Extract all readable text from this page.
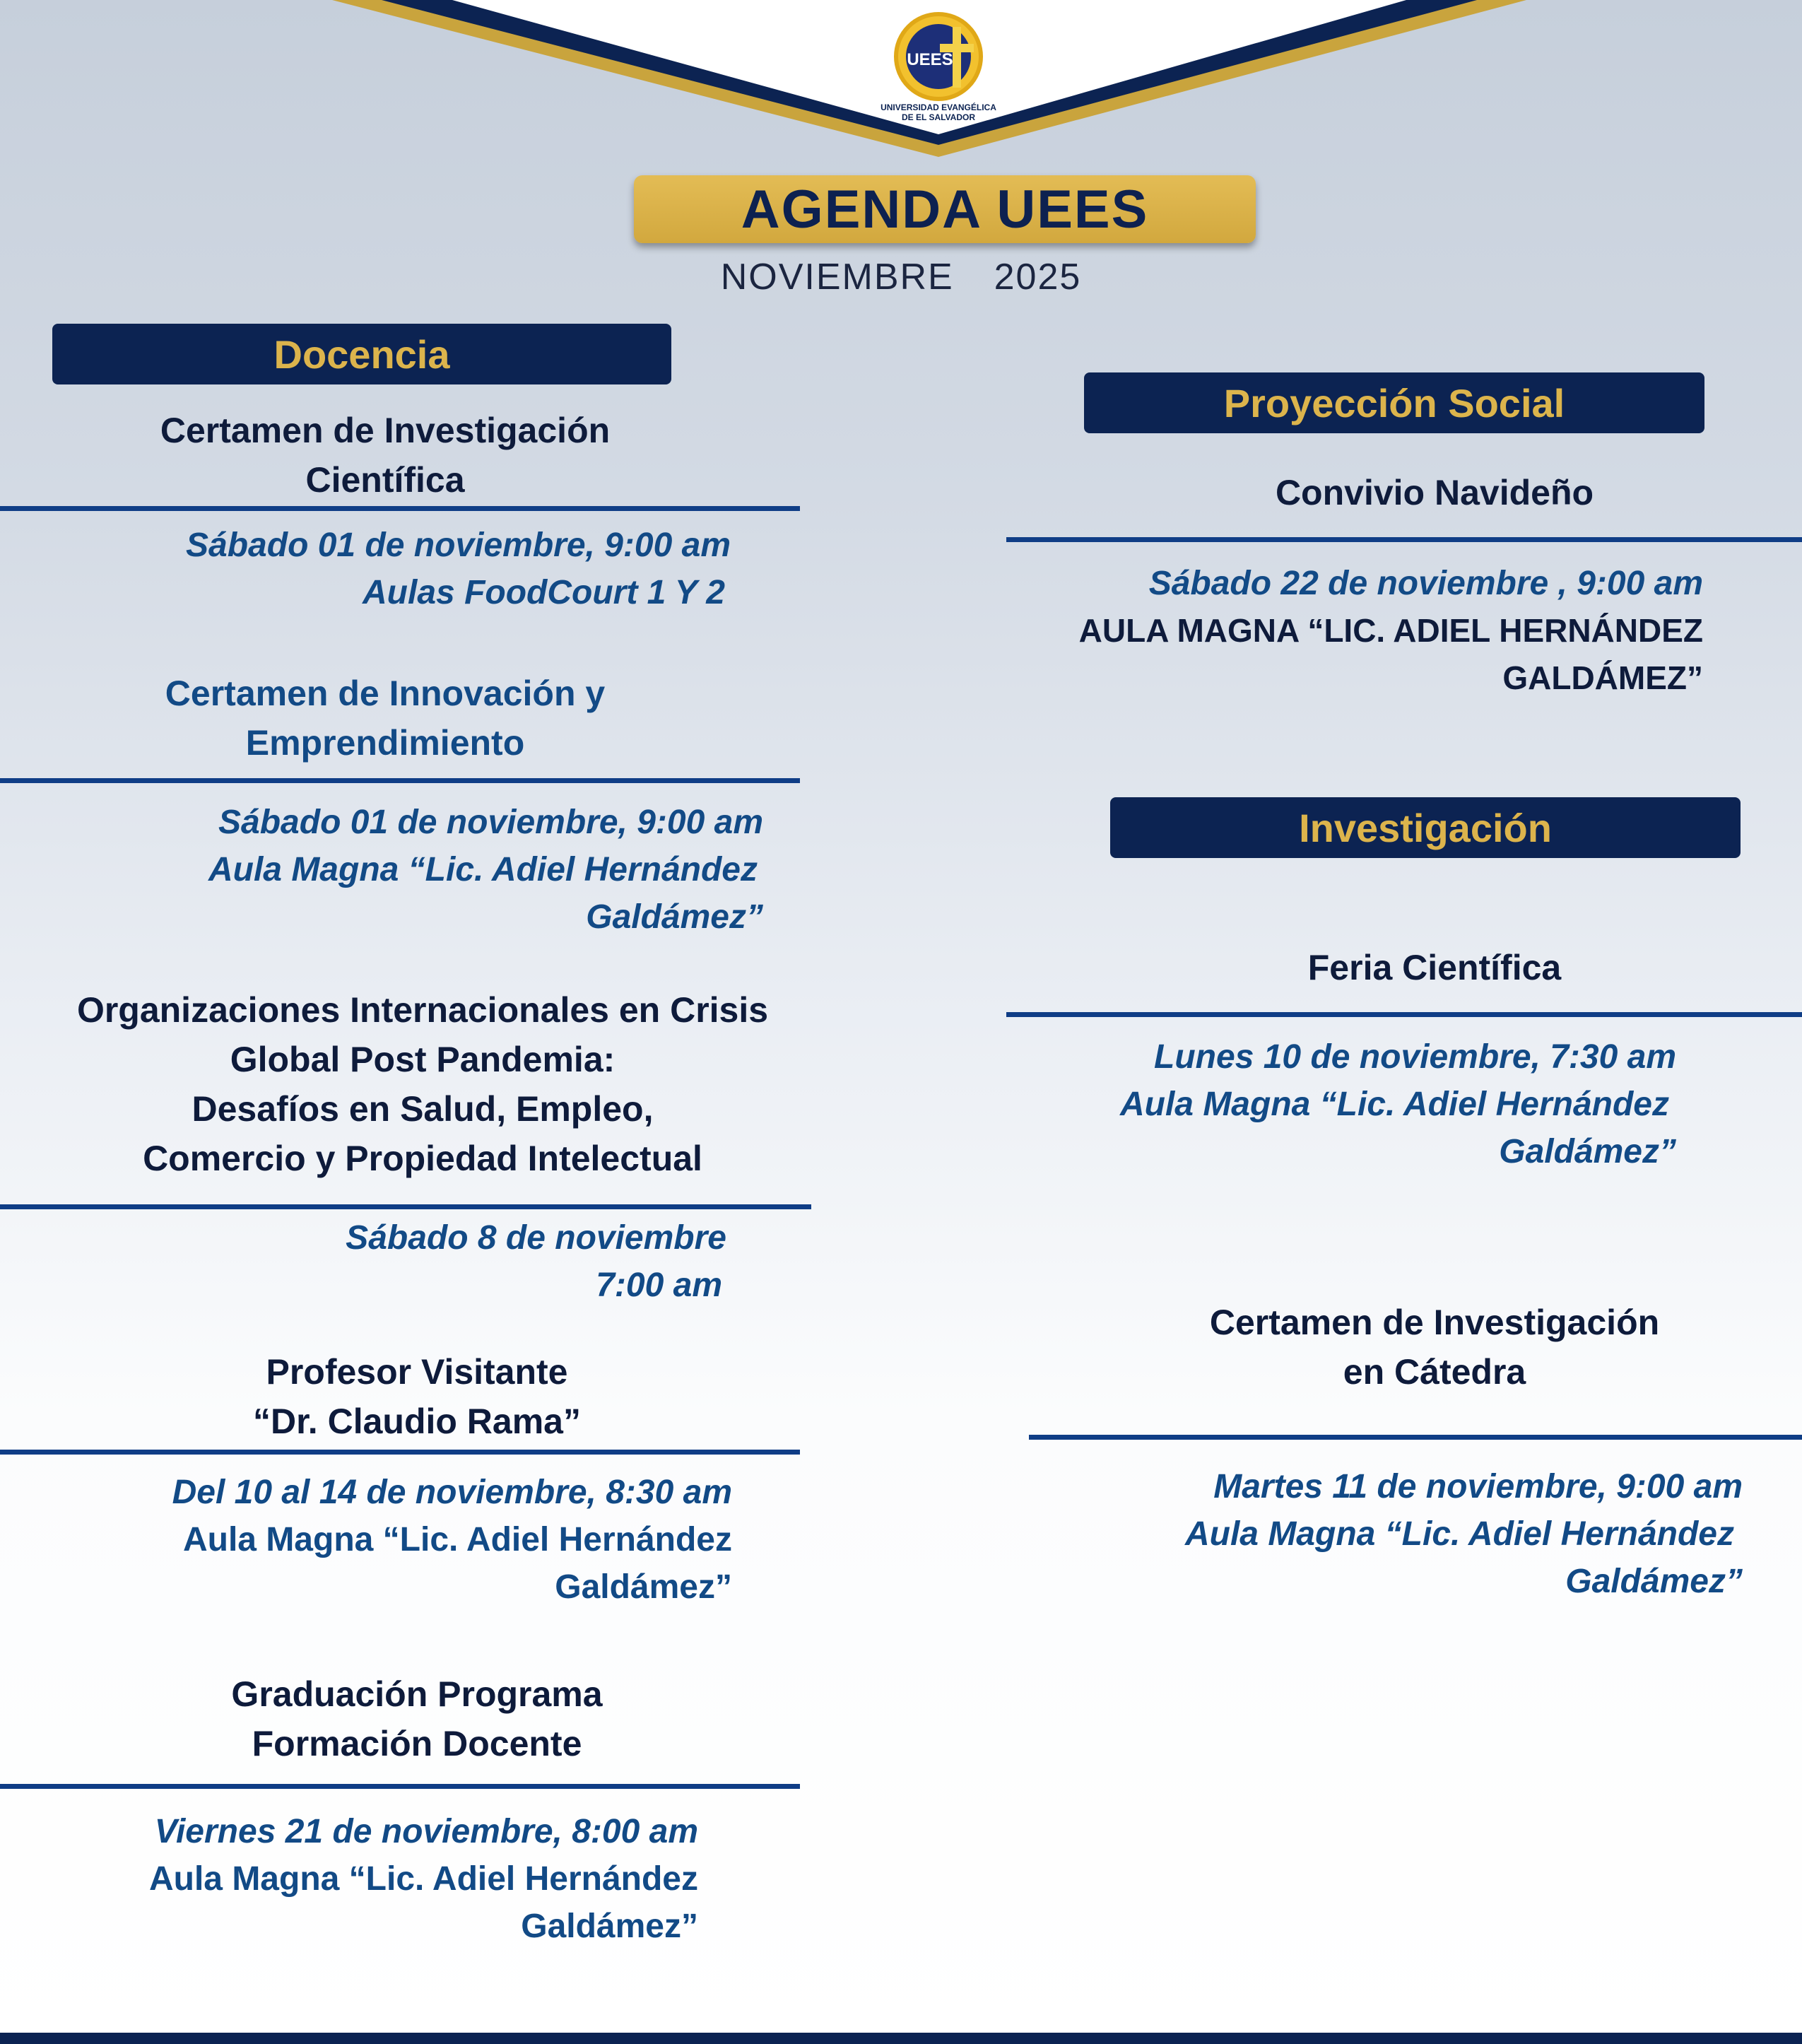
UEES
UNIVERSIDAD EVANGÉLICA
DE EL SALVADOR
AGENDA UEES
NOVIEMBRE  2025
Docencia
Certamen de Investigación
Científica
Sábado 01 de noviembre, 9:00 am
Aulas FoodCourt 1 Y 2
Certamen de Innovación y
Emprendimiento
Sábado 01 de noviembre, 9:00 am
Aula Magna “Lic. Adiel Hernández
Galdámez”
Organizaciones Internacionales en Crisis
Global Post Pandemia:
Desafíos en Salud, Empleo,
Comercio y Propiedad Intelectual
Sábado 8 de noviembre
7:00 am
Profesor Visitante
“Dr. Claudio Rama”
Del 10 al 14 de noviembre, 8:30 am
Aula Magna “Lic. Adiel Hernández
Galdámez”
Graduación Programa
Formación Docente
Viernes 21 de noviembre, 8:00 am
Aula Magna “Lic. Adiel Hernández
Galdámez”
Proyección Social
Convivio Navideño
Sábado 22 de noviembre , 9:00 am
AULA MAGNA “LIC. ADIEL HERNÁNDEZ
GALDÁMEZ”
Investigación
Feria Científica
Lunes 10 de noviembre, 7:30 am
Aula Magna “Lic. Adiel Hernández
Galdámez”
Certamen de Investigación
en Cátedra
Martes 11 de noviembre, 9:00 am
Aula Magna “Lic. Adiel Hernández
Galdámez”
